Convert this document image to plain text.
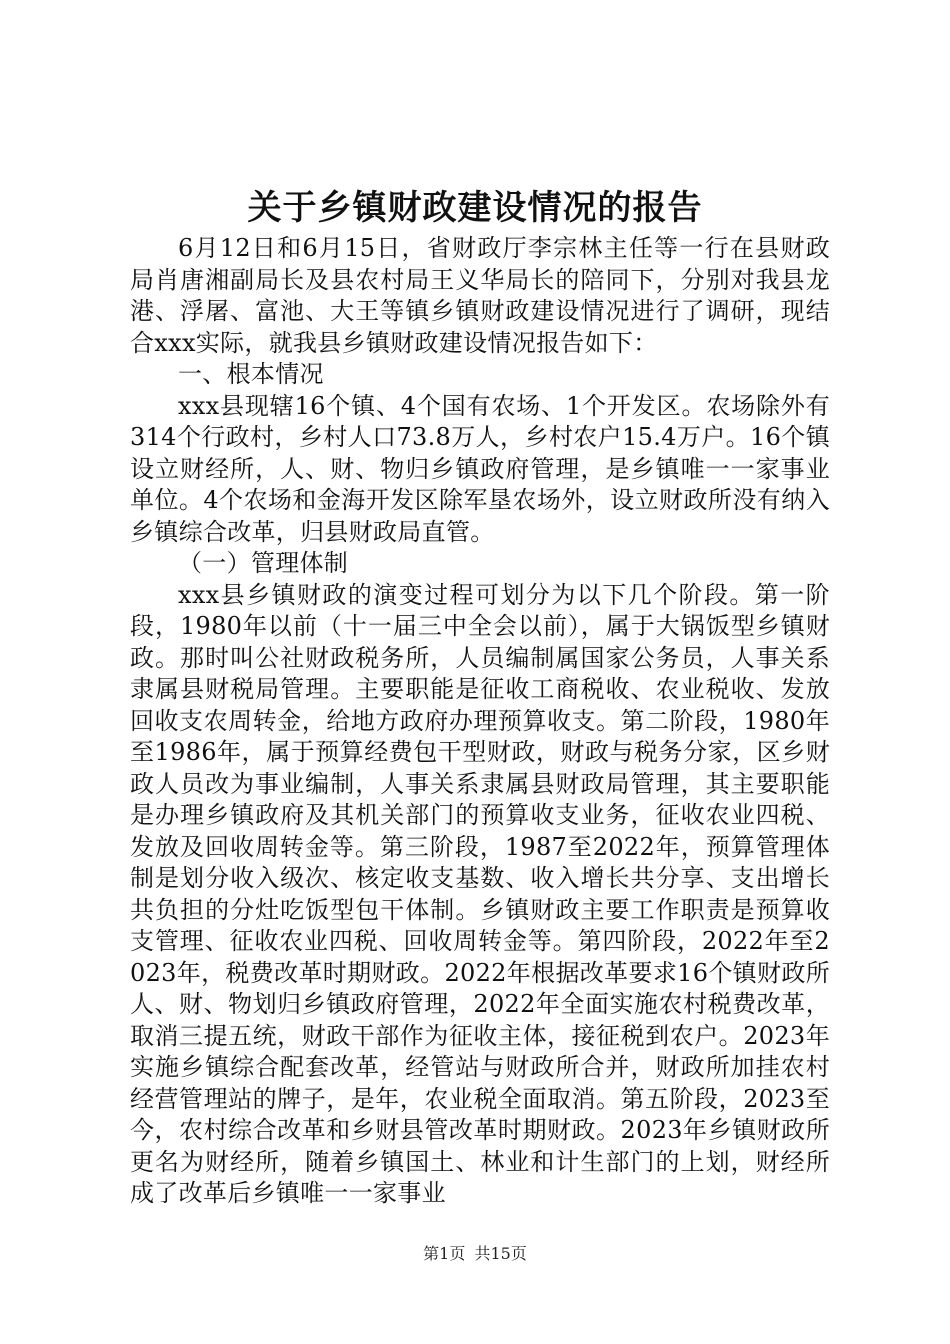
关于乡镇财政建设情况的报告

6月12日和6月15日，省财政厅李宗林主任等一行在县财政局肖唐湘副局长及县农村局王义华局长的陪同下，分别对我县龙港、浮屠、富池、大王等镇乡镇财政建设情况进行了调研，现结合xxx实际，就我县乡镇财政建设情况报告如下：

一、根本情况

xxx县现辖16个镇、4个国有农场、1个开发区。农场除外有314个行政村，乡村人口73.8万人，乡村农户15.4万户。16个镇设立财经所，人、财、物归乡镇政府管理，是乡镇唯一一家事业单位。4个农场和金海开发区除军垦农场外，设立财政所没有纳入乡镇综合改革，归县财政局直管。

（一）管理体制

xxx县乡镇财政的演变过程可划分为以下几个阶段。第一阶段，1980年以前（十一届三中全会以前），属于大锅饭型乡镇财政。那时叫公社财政税务所，人员编制属国家公务员，人事关系隶属县财税局管理。主要职能是征收工商税收、农业税收、发放回收支农周转金，给地方政府办理预算收支。第二阶段，1980年至1986年，属于预算经费包干型财政，财政与税务分家，区乡财政人员改为事业编制，人事关系隶属县财政局管理，其主要职能是办理乡镇政府及其机关部门的预算收支业务，征收农业四税、发放及回收周转金等。第三阶段，1987至2022年，预算管理体制是划分收入级次、核定收支基数、收入增长共分享、支出增长共负担的分灶吃饭型包干体制。乡镇财政主要工作职责是预算收支管理、征收农业四税、回收周转金等。第四阶段，2022年至2023年，税费改革时期财政。2022年根据改革要求16个镇财政所人、财、物划归乡镇政府管理，2022年全面实施农村税费改革，取消三提五统，财政干部作为征收主体，接征税到农户。2023年实施乡镇综合配套改革，经管站与财政所合并，财政所加挂农村经营管理站的牌子，是年，农业税全面取消。第五阶段，2023至今，农村综合改革和乡财县管改革时期财政。2023年乡镇财政所更名为财经所，随着乡镇国土、林业和计生部门的上划，财经所成了改革后乡镇唯一一家事业

第1页 共15页
